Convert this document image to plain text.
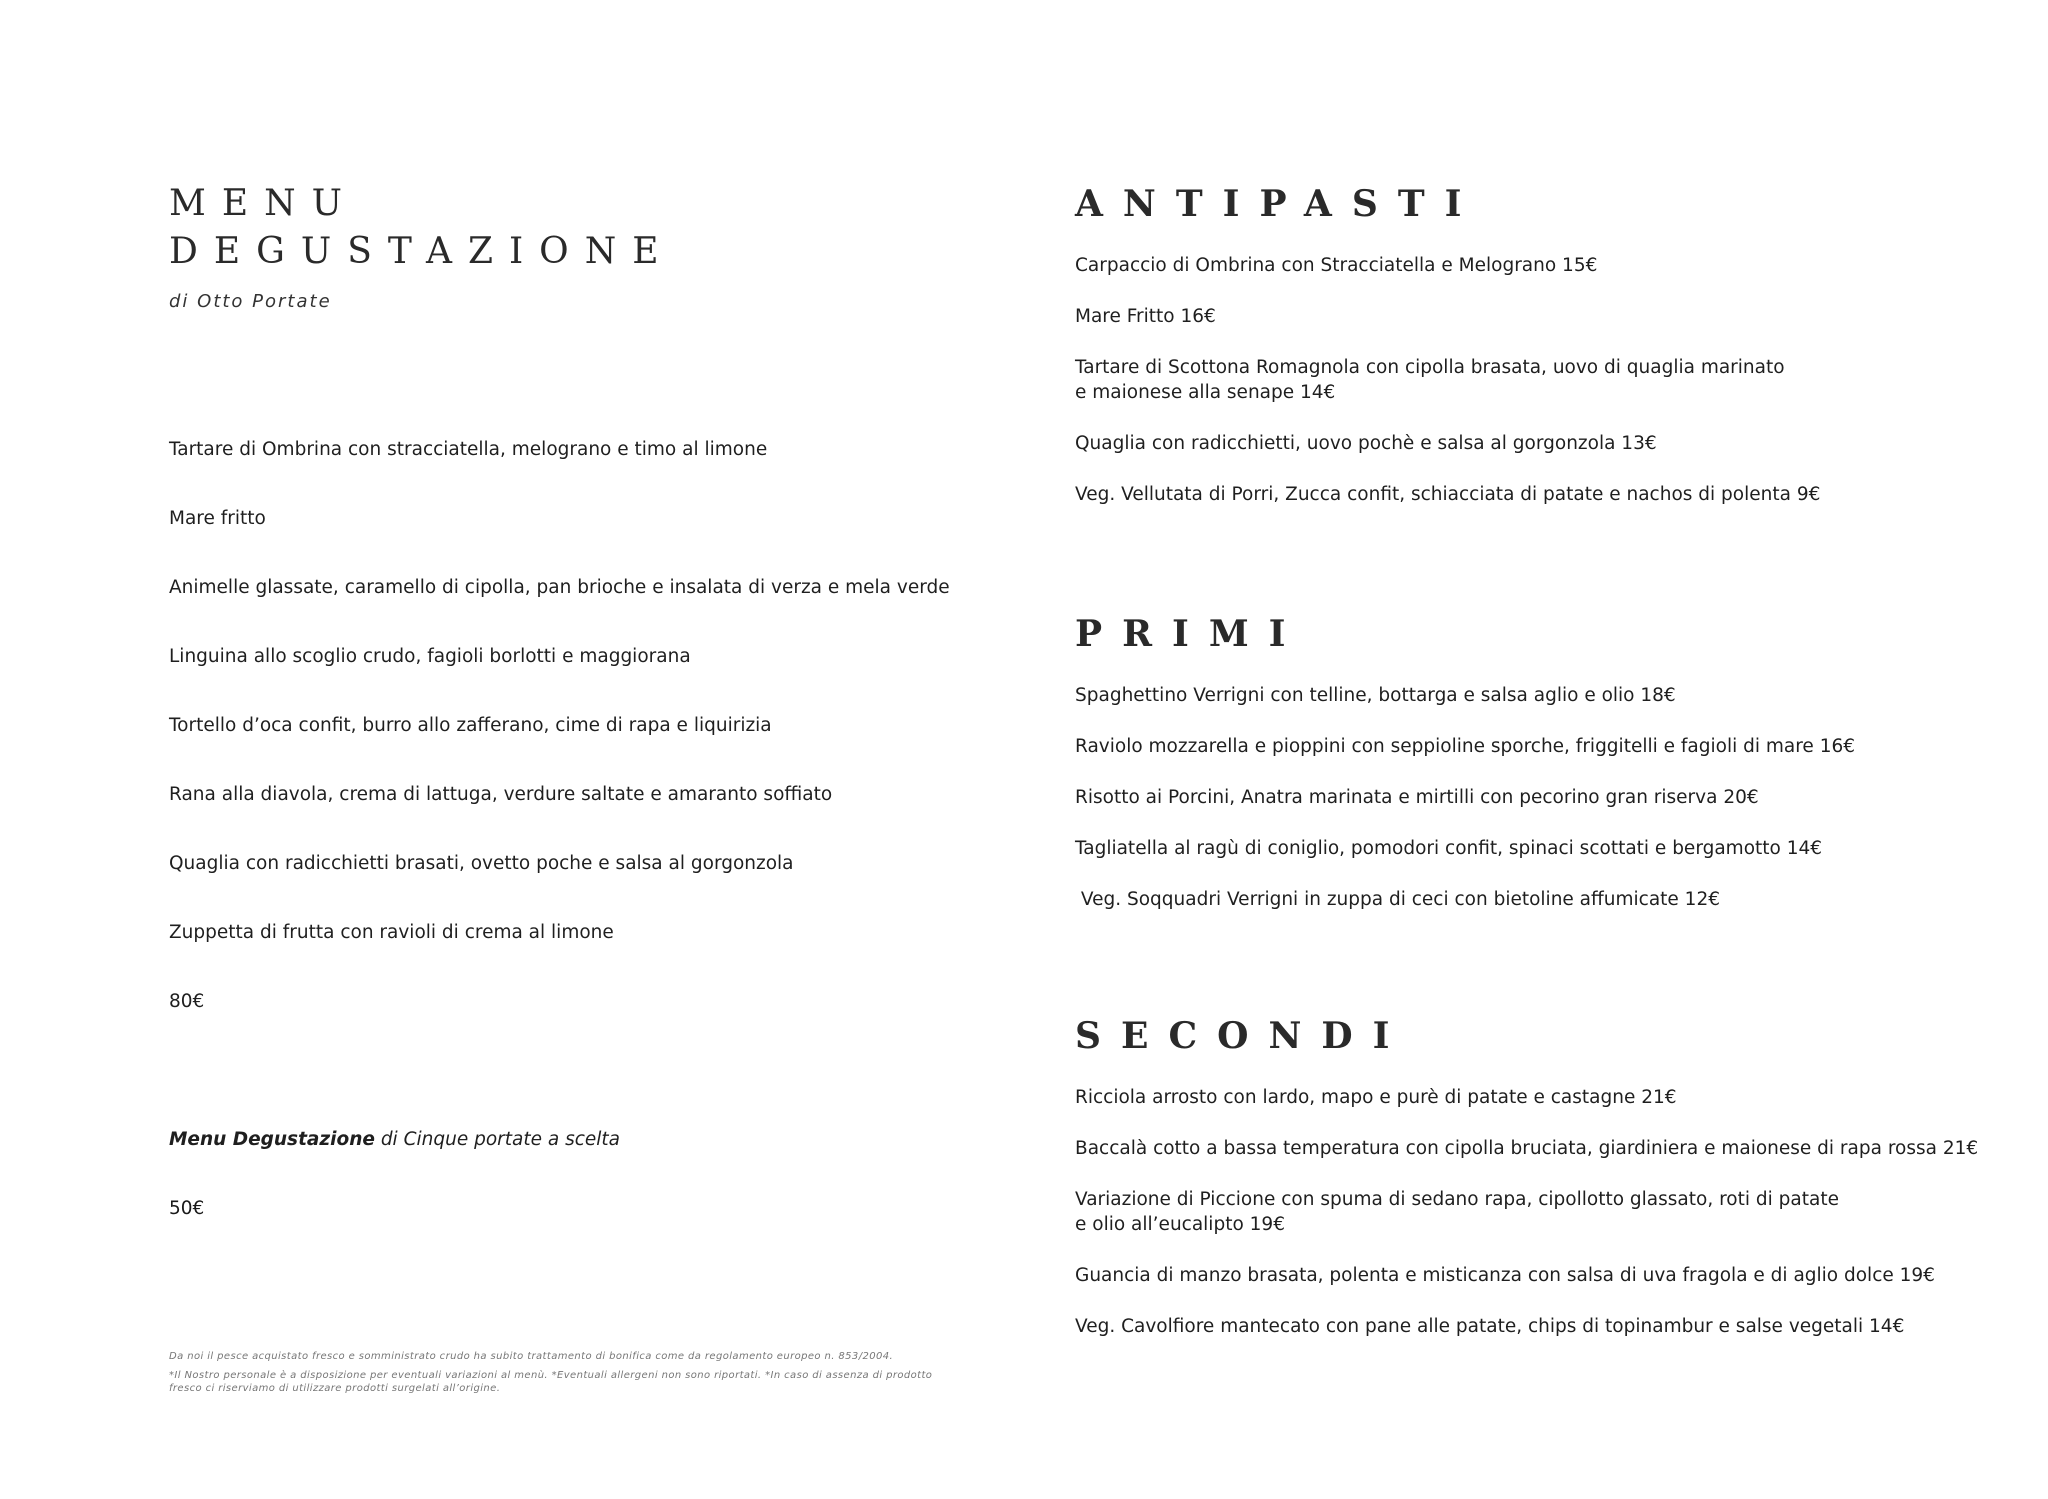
MENU
DEGUSTAZIONE
di Otto Portate
Tartare di Ombrina con stracciatella, melograno e timo al limone
Mare fritto
Animelle glassate, caramello di cipolla, pan brioche e insalata di verza e mela verde
Linguina allo scoglio crudo, fagioli borlotti e maggiorana
Tortello d’oca confit, burro allo zafferano, cime di rapa e liquirizia
Rana alla diavola, crema di lattuga, verdure saltate e amaranto soffiato
Quaglia con radicchietti brasati, ovetto poche e salsa al gorgonzola
Zuppetta di frutta con ravioli di crema al limone
80€
Menu Degustazione di Cinque portate a scelta
50€

Da noi il pesce acquistato fresco e somministrato crudo ha subito trattamento di bonifica come da regolamento europeo n. 853/2004.

*Il Nostro personale è a disposizione per eventuali variazioni al menù. *Eventuali allergeni non sono riportati. *In caso di assenza di prodotto fresco ci riserviamo di utilizzare prodotti surgelati all’origine.

ANTIPASTI
Carpaccio di Ombrina con Stracciatella e Melograno 15€
Mare Fritto 16€
Tartare di Scottona Romagnola con cipolla brasata, uovo di quaglia marinato
e maionese alla senape 14€
Quaglia con radicchietti, uovo pochè e salsa al gorgonzola 13€
Veg. Vellutata di Porri, Zucca confit, schiacciata di patate e nachos di polenta 9€
PRIMI
Spaghettino Verrigni con telline, bottarga e salsa aglio e olio 18€
Raviolo mozzarella e pioppini con seppioline sporche, friggitelli e fagioli di mare 16€
Risotto ai Porcini, Anatra marinata e mirtilli con pecorino gran riserva 20€
Tagliatella al ragù di coniglio, pomodori confit, spinaci scottati e bergamotto 14€
Veg. Soqquadri Verrigni in zuppa di ceci con bietoline affumicate 12€
SECONDI
Ricciola arrosto con lardo, mapo e purè di patate e castagne 21€
Baccalà cotto a bassa temperatura con cipolla bruciata, giardiniera e maionese di rapa rossa 21€
Variazione di Piccione con spuma di sedano rapa, cipollotto glassato, roti di patate
e olio all’eucalipto 19€
Guancia di manzo brasata, polenta e misticanza con salsa di uva fragola e di aglio dolce 19€
Veg. Cavolfiore mantecato con pane alle patate, chips di topinambur e salse vegetali 14€
